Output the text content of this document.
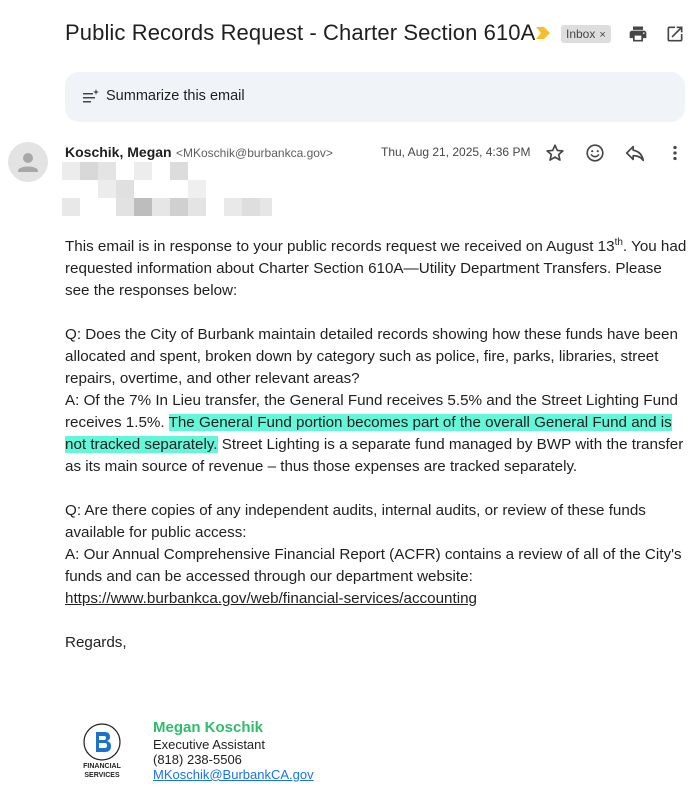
Public Records Request - Charter Section 610A	Inbox ×
Summarize this email
Koschik, Megan <MKoschik@burbankca.gov>	Thu, Aug 21, 2025, 4:36 PM

This email is in response to your public records request we received on August 13th. You had requested information about Charter Section 610A—Utility Department Transfers. Please see the responses below:

Q: Does the City of Burbank maintain detailed records showing how these funds have been allocated and spent, broken down by category such as police, fire, parks, libraries, street repairs, overtime, and other relevant areas?

A: Of the 7% In Lieu transfer, the General Fund receives 5.5% and the Street Lighting Fund receives 1.5%. The General Fund portion becomes part of the overall General Fund and is not tracked separately. Street Lighting is a separate fund managed by BWP with the transfer as its main source of revenue – thus those expenses are tracked separately.

Q: Are there copies of any independent audits, internal audits, or review of these funds available for public access:

A: Our Annual Comprehensive Financial Report (ACFR) contains a review of all of the City's funds and can be accessed through our department website:

https://www.burbankca.gov/web/financial-services/accounting

Regards,

FINANCIAL
SERVICES
Megan Koschik
Executive Assistant
(818) 238-5506
MKoschik@BurbankCA.gov
